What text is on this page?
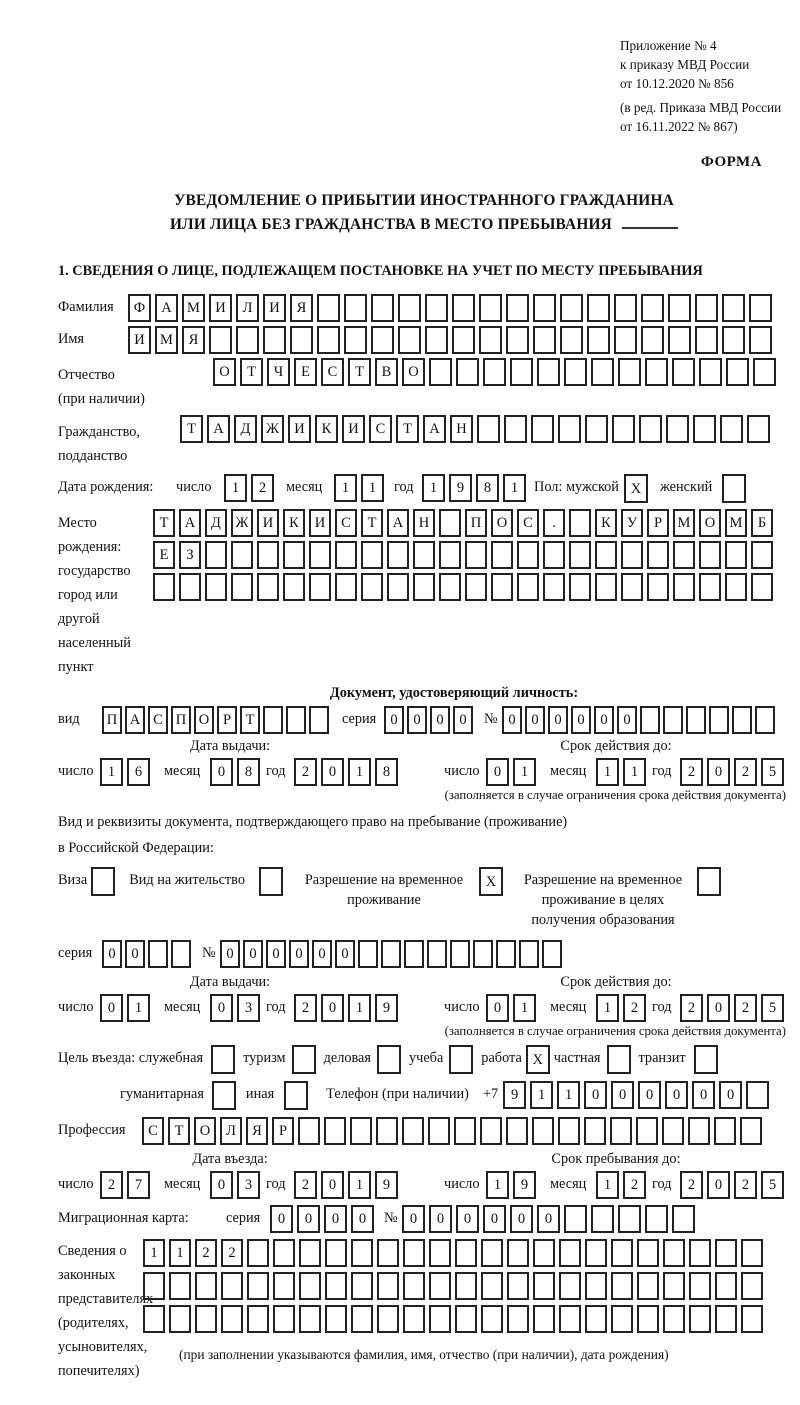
Приложение № 4
к приказу МВД России
от 10.12.2020 № 856
(в ред. Приказа МВД России
от 16.11.2022 № 867)
ФОРМА
УВЕДОМЛЕНИЕ О ПРИБЫТИИ ИНОСТРАННОГО ГРАЖДАНИНА
ИЛИ ЛИЦА БЕЗ ГРАЖДАНСТВА В МЕСТО ПРЕБЫВАНИЯ
1. СВЕДЕНИЯ О ЛИЦЕ, ПОДЛЕЖАЩЕМ ПОСТАНОВКЕ НА УЧЕТ ПО МЕСТУ ПРЕБЫВАНИЯ
Фамилия	Ф	А	М	И	Л	И	Я
Имя	И	М	Я
Отчество
(при наличии)
О	Т	Ч	Е	С	Т	В	О
Гражданство,
подданство
Т	А	Д	Ж	И	К	И	С	Т	А	Н
Дата рождения:	число	1	2	месяц	1	1	год	1	9	8	1	Пол: мужской X	женский
Место рождения:
государство
город или другой
населенный пункт
Т	А	Д	Ж И	К	И	С	Т	А	Н	П	О	С	.	К	У	Р	М О М	Б
Е	З
Документ, удостоверяющий личность:
вид	П А С П О Р	Т	серия 0	0	0	0	№ 0	0	0	0	0	0
Дата выдачи:
число 1	6	месяц	0	8 год	2	0	1	8
Срок действия до:
число 0	1	месяц	1	1 год	2	0	2	5
(заполняется в случае ограничения срока действия документа)
Вид и реквизиты документа, подтверждающего право на пребывание (проживание)
в Российской Федерации:
Виза	Вид на жительство	Разрешение на временное проживание
X	Разрешение на временное проживание в целях получения образования
серия	0	0	№ 0	0	0	0	0	0
Дата выдачи:
число 0	1	месяц	0	3 год	2	0	1	9
Срок действия до:
число 0	1	месяц	1	2 год	2	0	2	5
(заполняется в случае ограничения срока действия документа)
Цель въезда: служебная	туризм	деловая	учеба	работа X частная	транзит
гуманитарная	иная	Телефон (при наличии) +7 9	1	1	0	0	0	0	0	0
Профессия	С	Т	О	Л	Я	Р
Дата въезда:
число 2	7	месяц	0	3 год	2	0	1	9
Срок пребывания до:
число 1	9	месяц	1	2 год	2	0	2	5
Миграционная карта:	серия	0	0	0	0	№ 0	0	0	0	0	0
Сведения о
законных
представителях
(родителях,
усыновителях,
попечителях)
1	1	2	2
(при заполнении указываются фамилия, имя, отчество (при наличии), дата рождения)
